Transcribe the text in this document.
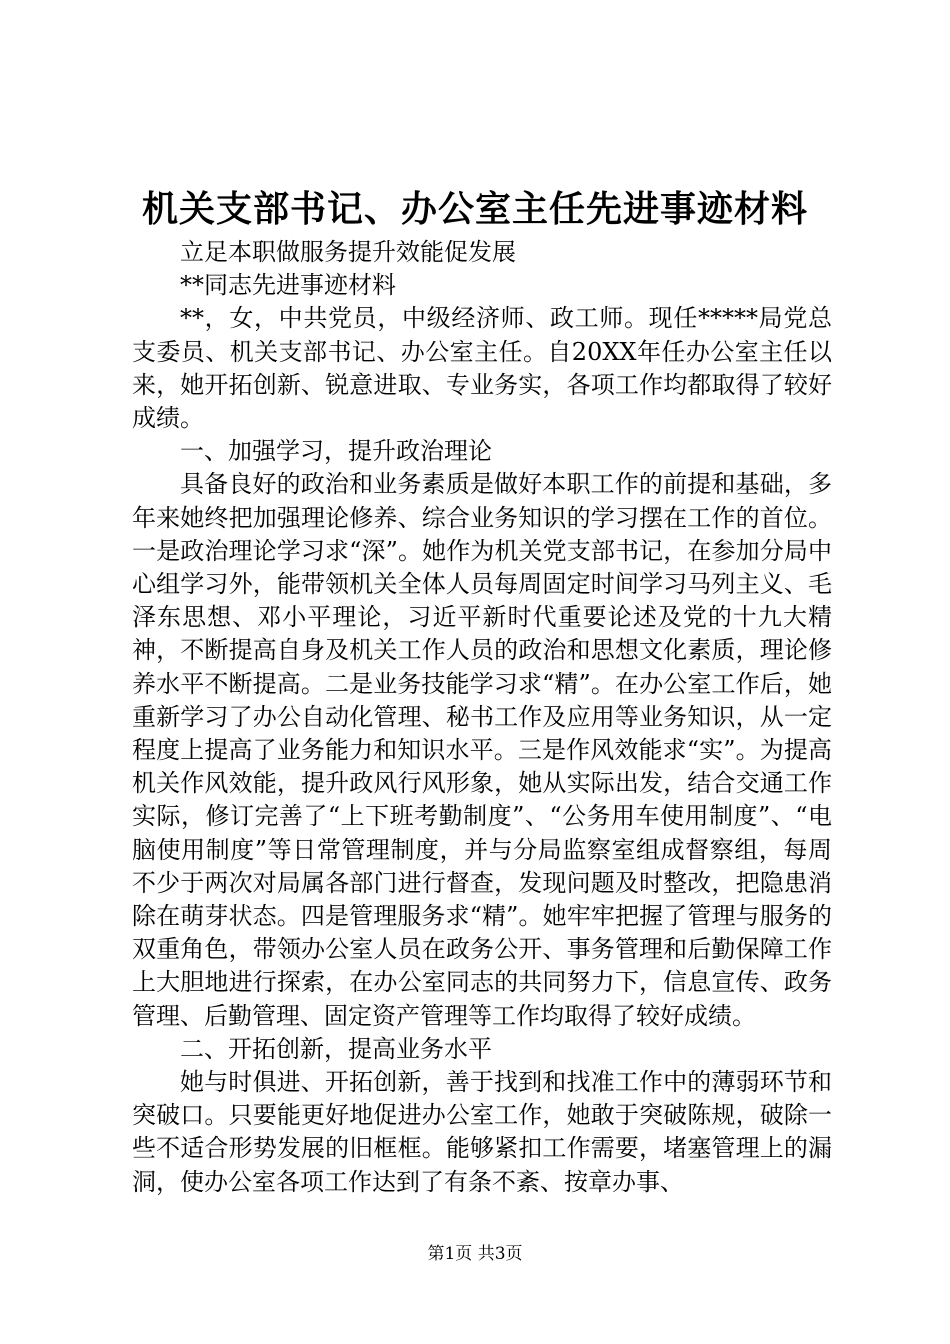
机关支部书记、办公室主任先进事迹材料

立足本职做服务提升效能促发展

**同志先进事迹材料

**，女，中共党员，中级经济师、政工师。现任*****局党总支委员、机关支部书记、办公室主任。自20XX年任办公室主任以来，她开拓创新、锐意进取、专业务实，各项工作均都取得了较好成绩。

一、加强学习，提升政治理论

具备良好的政治和业务素质是做好本职工作的前提和基础，多年来她终把加强理论修养、综合业务知识的学习摆在工作的首位。一是政治理论学习求“深”。她作为机关党支部书记，在参加分局中心组学习外，能带领机关全体人员每周固定时间学习马列主义、毛泽东思想、邓小平理论，习近平新时代重要论述及党的十九大精神，不断提高自身及机关工作人员的政治和思想文化素质，理论修养水平不断提高。二是业务技能学习求“精”。在办公室工作后，她重新学习了办公自动化管理、秘书工作及应用等业务知识，从一定程度上提高了业务能力和知识水平。三是作风效能求“实”。为提高机关作风效能，提升政风行风形象，她从实际出发，结合交通工作实际，修订完善了“上下班考勤制度”、“公务用车使用制度”、“电脑使用制度”等日常管理制度，并与分局监察室组成督察组，每周不少于两次对局属各部门进行督查，发现问题及时整改，把隐患消除在萌芽状态。四是管理服务求“精”。她牢牢把握了管理与服务的双重角色，带领办公室人员在政务公开、事务管理和后勤保障工作上大胆地进行探索，在办公室同志的共同努力下，信息宣传、政务管理、后勤管理、固定资产管理等工作均取得了较好成绩。

二、开拓创新，提高业务水平

她与时俱进、开拓创新，善于找到和找准工作中的薄弱环节和突破口。只要能更好地促进办公室工作，她敢于突破陈规，破除一些不适合形势发展的旧框框。能够紧扣工作需要，堵塞管理上的漏洞，使办公室各项工作达到了有条不紊、按章办事、

第1页 共3页
